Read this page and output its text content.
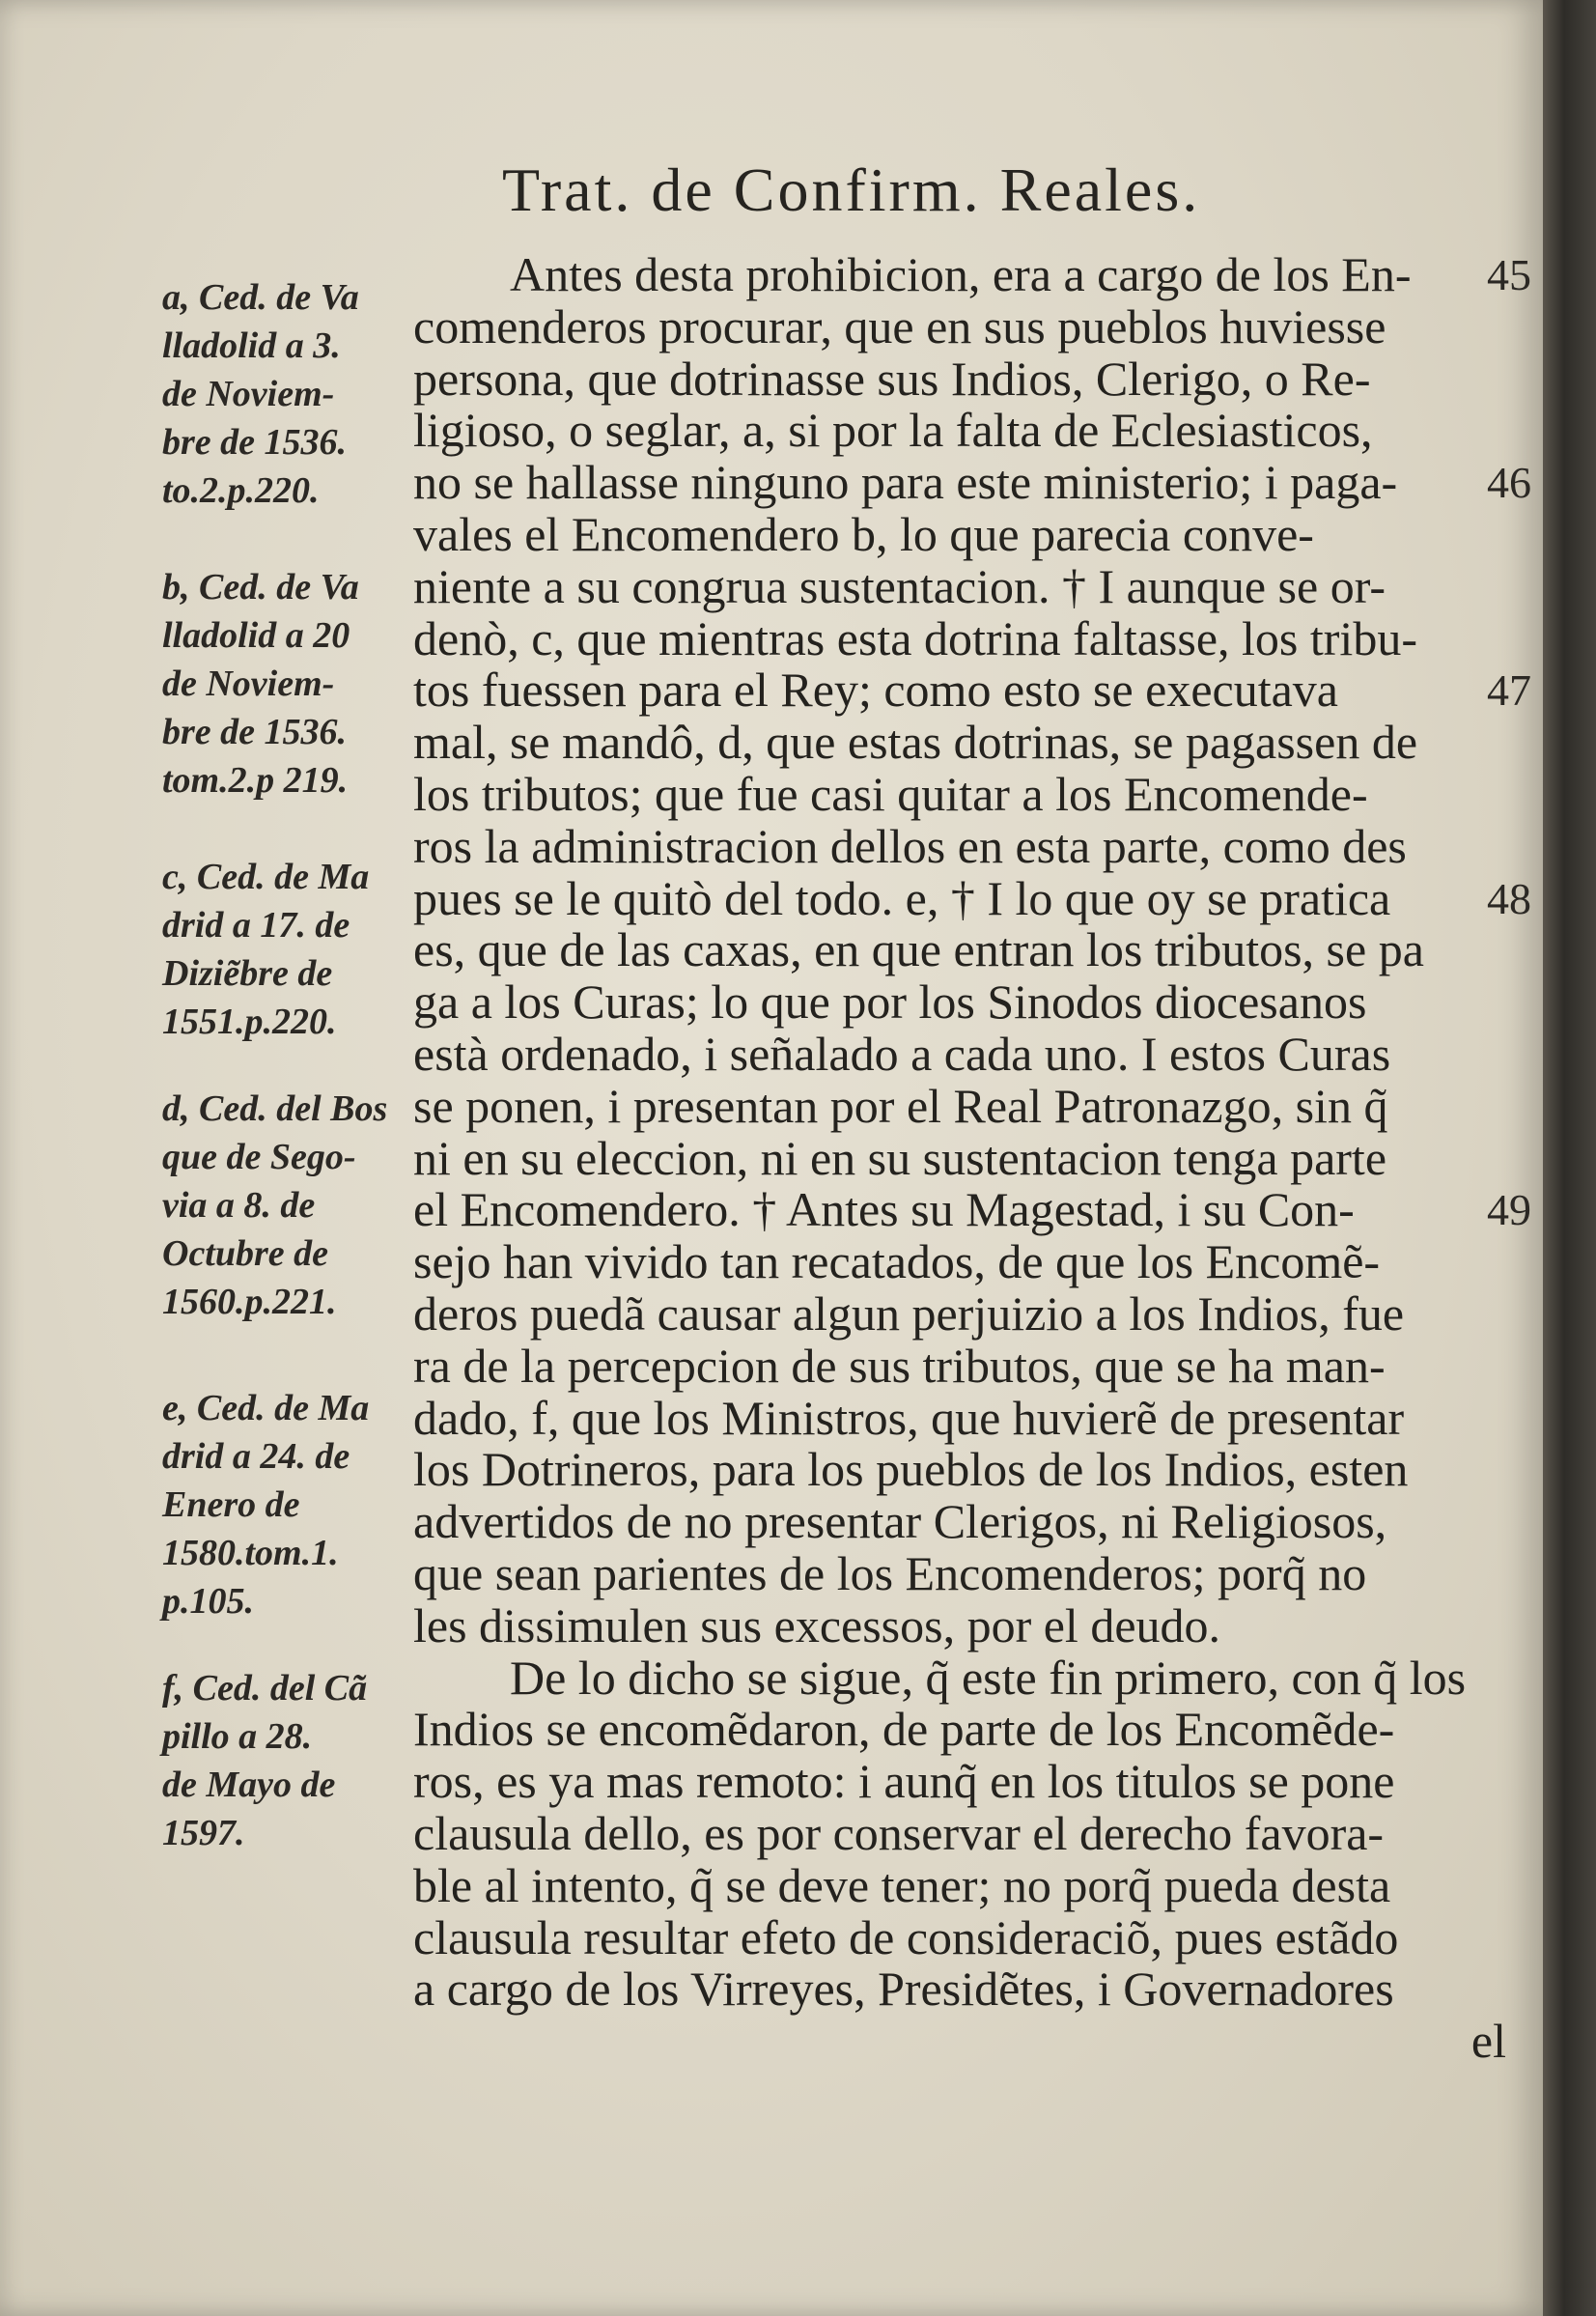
Trat. de Confirm. Reales.
a, Ced. de Va
lladolid a 3.
de Noviem-
bre de 1536.
to.2.p.220.
b, Ced. de Va
lladolid a 20
de Noviem-
bre de 1536.
tom.2.p 219.
c, Ced. de Ma
drid a 17. de
Diziẽbre de
1551.p.220.
d, Ced. del Bos
que de Sego-
via a 8. de
Octubre de
1560.p.221.
e, Ced. de Ma
drid a 24. de
Enero de
1580.tom.1.
p.105.
f, Ced. del Cã
pillo a 28.
de Mayo de
1597.
Antes desta prohibicion, era a cargo de los En-
comenderos procurar, que en sus pueblos huviesse
persona, que dotrinasse sus Indios, Clerigo, o Re-
ligioso, o seglar, a, si por la falta de Eclesiasticos,
no se hallasse ninguno para este ministerio; i paga-
vales el Encomendero b, lo que parecia conve-
niente a su congrua sustentacion. † I aunque se or-
denò, c, que mientras esta dotrina faltasse, los tribu-
tos fuessen para el Rey; como esto se executava
mal, se mandô, d, que estas dotrinas, se pagassen de
los tributos; que fue casi quitar a los Encomende-
ros la administracion dellos en esta parte, como des
pues se le quitò del todo. e, † I lo que oy se pratica
es, que de las caxas, en que entran los tributos, se pa
ga a los Curas; lo que por los Sinodos diocesanos
està ordenado, i señalado a cada uno. I estos Curas
se ponen, i presentan por el Real Patronazgo, sin q̃
ni en su eleccion, ni en su sustentacion tenga parte
el Encomendero. † Antes su Magestad, i su Con-
sejo han vivido tan recatados, de que los Encomẽ-
deros puedã causar algun perjuizio a los Indios, fue
ra de la percepcion de sus tributos, que se ha man-
dado, f, que los Ministros, que huvierẽ de presentar
los Dotrineros, para los pueblos de los Indios, esten
advertidos de no presentar Clerigos, ni Religiosos,
que sean parientes de los Encomenderos; porq̃ no
les dissimulen sus excessos, por el deudo.
De lo dicho se sigue, q̃ este fin primero, con q̃ los
Indios se encomẽdaron, de parte de los Encomẽde-
ros, es ya mas remoto: i aunq̃ en los titulos se pone
clausula dello, es por conservar el derecho favora-
ble al intento, q̃ se deve tener; no porq̃ pueda desta
clausula resultar efeto de consideraciõ, pues estãdo
a cargo de los Virreyes, Presidẽtes, i Governadores
el
45
46
47
48
49
